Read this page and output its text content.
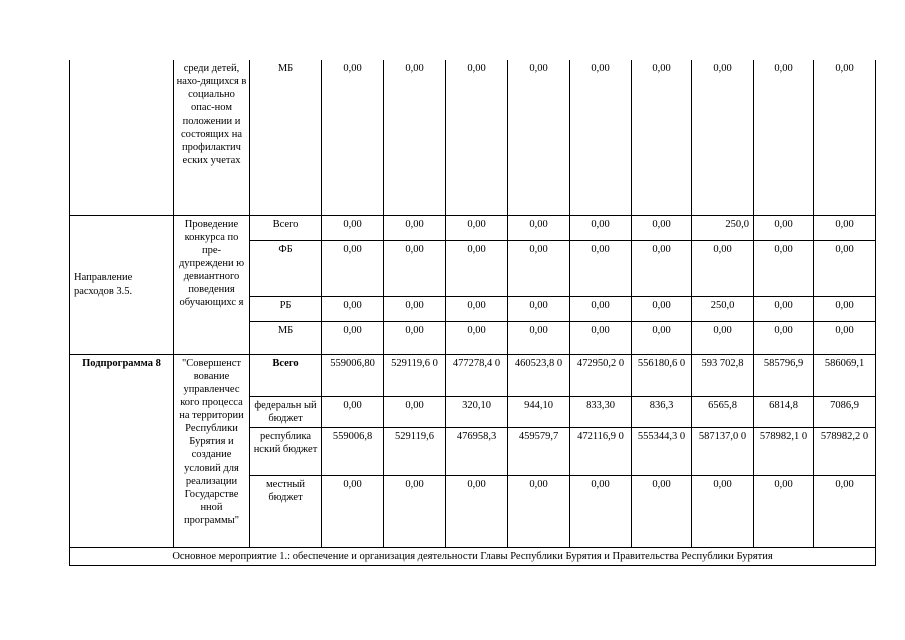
	среди детей, нахо-дящихся в социально опас-ном положении и состоящих на профилактич еских учетах	МБ	0,00	0,00	0,00	0,00	0,00	0,00	0,00	0,00	0,00
Направление расходов 3.5.	Проведение конкурса по пре-дупреждени ю девиантного поведения обучающихс я	Всего	0,00	0,00	0,00	0,00	0,00	0,00	250,0	0,00	0,00
		ФБ	0,00	0,00	0,00	0,00	0,00	0,00	0,00	0,00	0,00
		РБ	0,00	0,00	0,00	0,00	0,00	0,00	250,0	0,00	0,00
		МБ	0,00	0,00	0,00	0,00	0,00	0,00	0,00	0,00	0,00
Подпрограмма 8	"Совершенст вование управленчес кого процесса на территории Республики Бурятия и создание условий для реализации Государстве нной программы"	Всего	559006,80	529119,6 0	477278,4 0	460523,8 0	472950,2 0	556180,6 0	593 702,8	585796,9	586069,1
		федеральн ый бюджет	0,00	0,00	320,10	944,10	833,30	836,3	6565,8	6814,8	7086,9
		республика нский бюджет	559006,8	529119,6	476958,3	459579,7	472116,9 0	555344,3 0	587137,0 0	578982,1 0	578982,2 0
		местный бюджет	0,00	0,00	0,00	0,00	0,00	0,00	0,00	0,00	0,00
Основное мероприятие 1.: обеспечение и организация деятельности Главы Республики Бурятия и Правительства Республики Бурятия											
